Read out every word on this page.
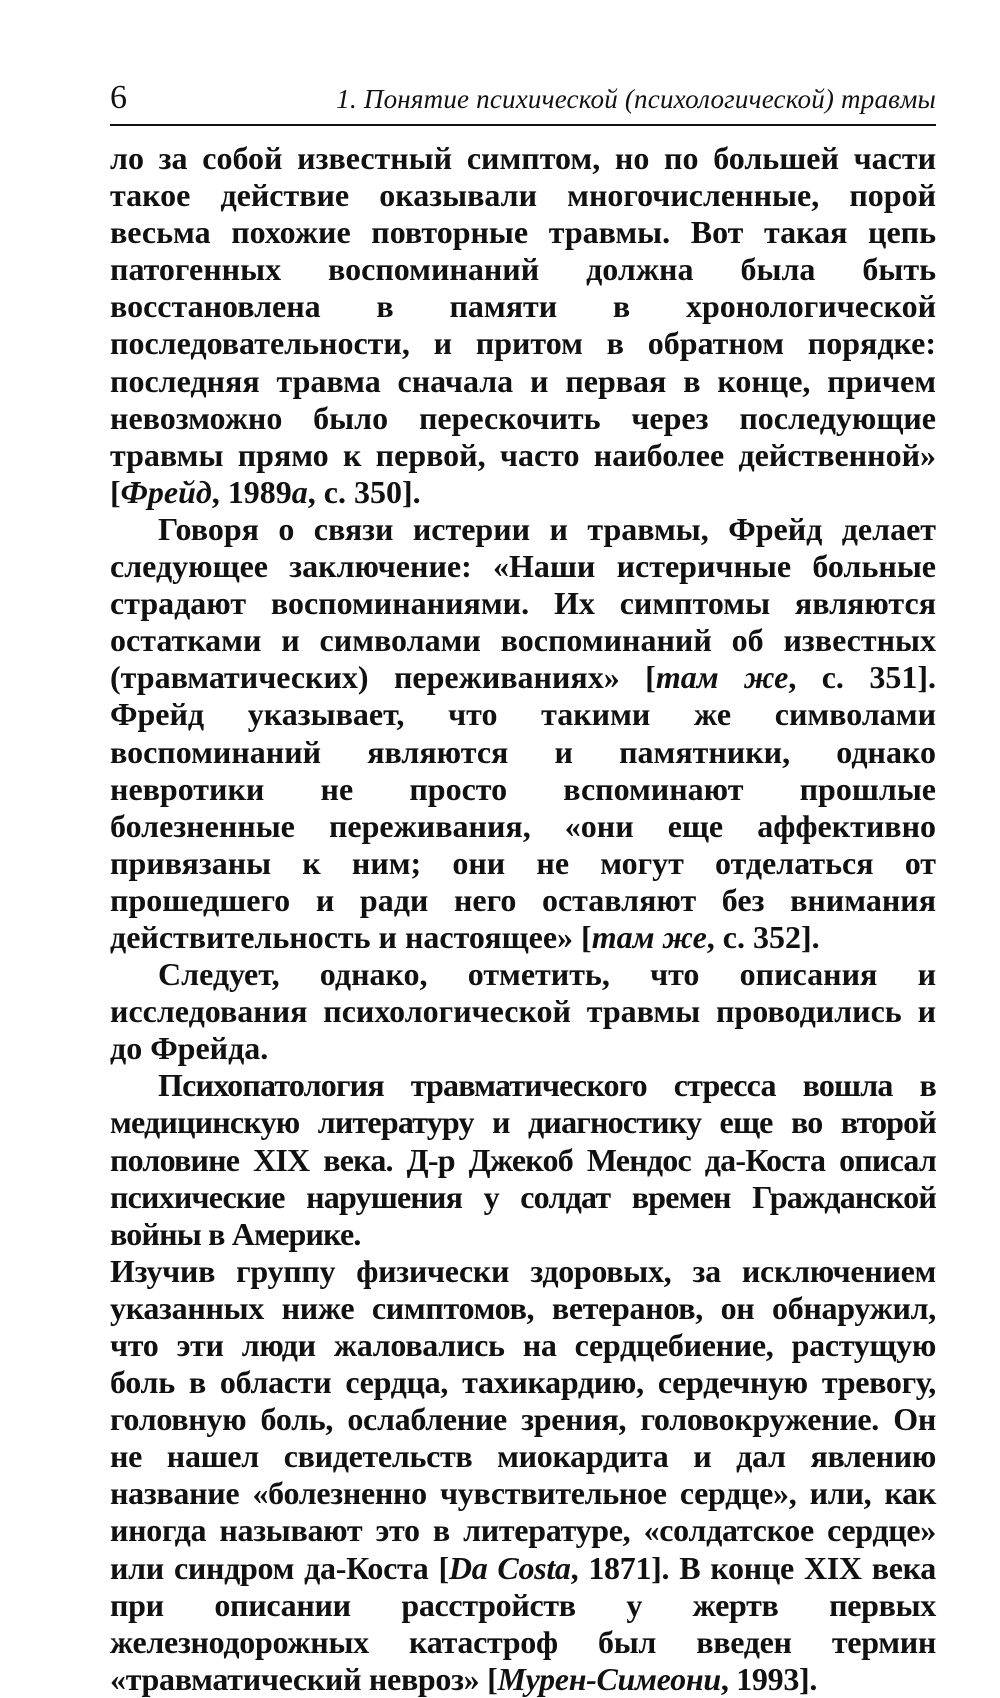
6	1. Понятие психической (психологической) травмы

ло за собой известный симптом, но по большей части такое действие оказывали многочисленные, порой весьма похожие повторные травмы. Вот такая цепь патогенных воспоминаний должна была быть восстановлена в памяти в хронологической последовательности, и притом в обратном порядке: последняя травма сначала и первая в конце, причем невозможно было перескочить через последующие травмы прямо к первой, часто наиболее действенной» [Фрейд, 1989а, с. 350].

Говоря о связи истерии и травмы, Фрейд делает следующее заключение: «Наши истеричные больные страдают воспоминаниями. Их симптомы являются остатками и символами воспоминаний об известных (травматических) переживаниях» [там же, с. 351]. Фрейд указывает, что такими же символами воспоминаний являются и памятники, однако невротики не просто вспоминают прошлые болезненные переживания, «они еще аффективно привязаны к ним; они не могут отделаться от прошедшего и ради него оставляют без внимания действительность и настоящее» [там же, с. 352].

Следует, однако, отметить, что описания и исследования психологической травмы проводились и до Фрейда.

Психопатология травматического стресса вошла в медицинскую литературу и диагностику еще во второй половине XIX века. Д-р Джекоб Мендос да-Коста описал психические нарушения у солдат времен Гражданской войны в Америке.

Изучив группу физически здоровых, за исключением указанных ниже симптомов, ветеранов, он обнаружил, что эти люди жаловались на сердцебиение, растущую боль в области сердца, тахикардию, сердечную тревогу, головную боль, ослабление зрения, головокружение. Он не нашел свидетельств миокардита и дал явлению название «болезненно чувствительное сердце», или, как иногда называют это в литературе, «солдатское сердце» или синдром да-Коста [Da Costa, 1871]. В конце XIX века при описании расстройств у жертв первых железнодорожных катастроф был введен термин «травматический невроз» [Мурен-Симеони, 1993].
